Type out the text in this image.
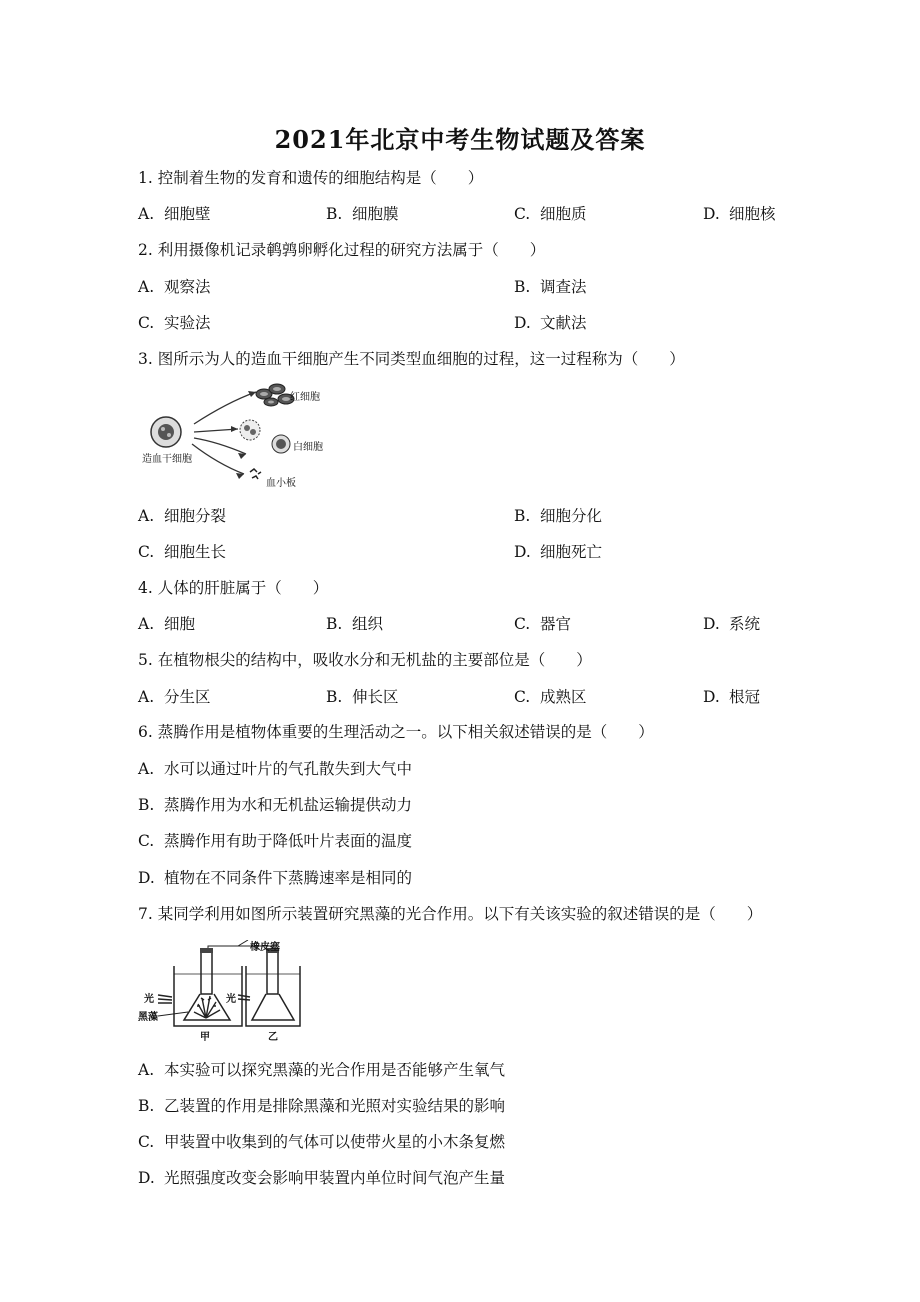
2021年北京中考生物试题及答案
1. 控制着生物的发育和遗传的细胞结构是（　　）
A. 细胞壁	B. 细胞膜	C. 细胞质	D. 细胞核
2. 利用摄像机记录鹌鹑卵孵化过程的研究方法属于（　　）
A. 观察法	B. 调查法
C. 实验法	D. 文献法
3. 图所示为人的造血干细胞产生不同类型血细胞的过程，这一过程称为（　　）
造血干细胞
红细胞
白细胞
血小板
A. 细胞分裂	B. 细胞分化
C. 细胞生长	D. 细胞死亡
4. 人体的肝脏属于（　　）
A. 细胞	B. 组织	C. 器官	D. 系统
5. 在植物根尖的结构中，吸收水分和无机盐的主要部位是（　　）
A. 分生区	B. 伸长区	C. 成熟区	D. 根冠
6. 蒸腾作用是植物体重要的生理活动之一。以下相关叙述错误的是（　　）
A. 水可以通过叶片的气孔散失到大气中
B. 蒸腾作用为水和无机盐运输提供动力
C. 蒸腾作用有助于降低叶片表面的温度
D. 植物在不同条件下蒸腾速率是相同的
7. 某同学利用如图所示装置研究黑藻的光合作用。以下有关该实验的叙述错误的是（　　）
橡皮塞
光	光
黑藻
甲	乙
A. 本实验可以探究黑藻的光合作用是否能够产生氧气
B. 乙装置的作用是排除黑藻和光照对实验结果的影响
C. 甲装置中收集到的气体可以使带火星的小木条复燃
D. 光照强度改变会影响甲装置内单位时间气泡产生量
